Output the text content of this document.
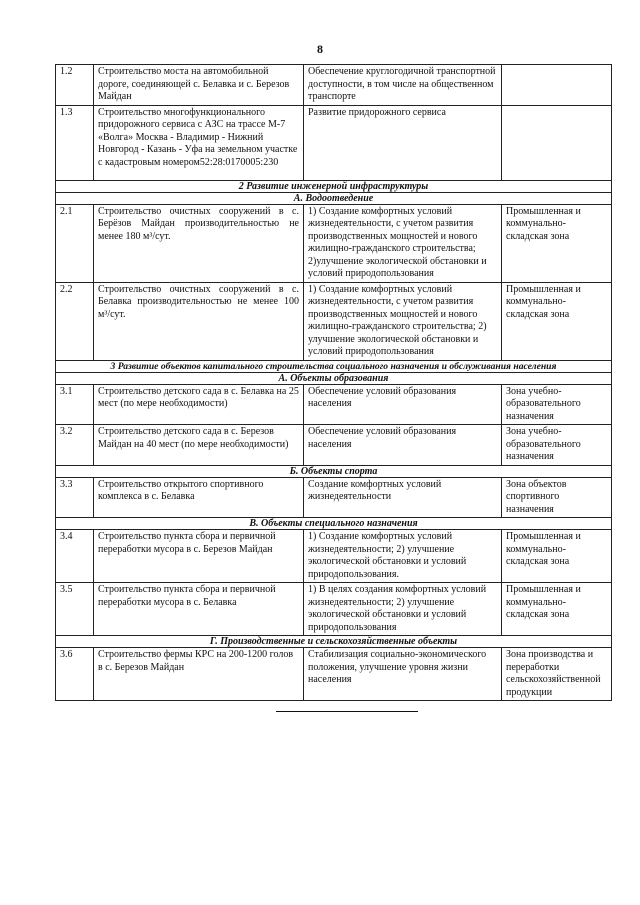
8
1.2	Строительство моста на автомобильной дороге, соединяющей с. Белавка и с. Березов Майдан	Обеспечение круглогодичной транспортной доступности, в том числе на общественном транспорте	
1.3	Строительство многофункционального придорожного сервиса с АЗС на трассе М-7 «Волга» Москва - Владимир - Нижний Новгород - Казань - Уфа на земельном участке с кадастровым номером52:28:0170005:230	Развитие придорожного сервиса	
2 Развитие инженерной инфраструктуры			
А. Водоотведение			
2.1	Строительство очистных сооружений в с. Берёзов Майдан производительностью не менее 180 м³/сут.	1) Создание комфортных условий жизнедеятельности, с учетом развития производственных мощностей и нового жилищно-гражданского строительства; 2)улучшение экологической обстановки и условий природопользования	Промышленная и коммунально-складская зона
2.2	Строительство очистных сооружений в с. Белавка производительностью не менее 100 м³/сут.	1) Создание комфортных условий жизнедеятельности, с учетом развития производственных мощностей и нового жилищно-гражданского строительства; 2) улучшение экологической обстановки и условий природопользования	Промышленная и коммунально-складская зона
3 Развитие объектов капитального строительства социального назначения и обслуживания населения			
А. Объекты образования			
3.1	Строительство детского сада в с. Белавка на 25 мест (по мере необходимости)	Обеспечение условий образования населения	Зона учебно-образовательного назначения
3.2	Строительство детского сада в с. Березов Майдан на 40 мест (по мере необходимости)	Обеспечение условий образования населения	Зона учебно-образовательного назначения
Б. Объекты спорта			
3.3	Строительство открытого спортивного комплекса в с. Белавка	Создание комфортных условий жизнедеятельности	Зона объектов спортивного назначения
В. Объекты специального назначения			
3.4	Строительство пункта сбора и первичной переработки мусора в с. Березов Майдан	1) Создание комфортных условий жизнедеятельности; 2) улучшение экологической обстановки и условий природопользования.	Промышленная и коммунально-складская зона
3.5	Строительство пункта сбора и первичной переработки мусора в с. Белавка	1) В целях создания комфортных условий жизнедеятельности; 2) улучшение экологической обстановки и условий природопользования	Промышленная и коммунально-складская зона
Г. Производственные и сельскохозяйственные объекты			
3.6	Строительство фермы КРС на 200-1200 голов в с. Березов Майдан	Стабилизация социально-экономического положения, улучшение уровня жизни населения	Зона производства и переработки сельскохозяйственной продукции
